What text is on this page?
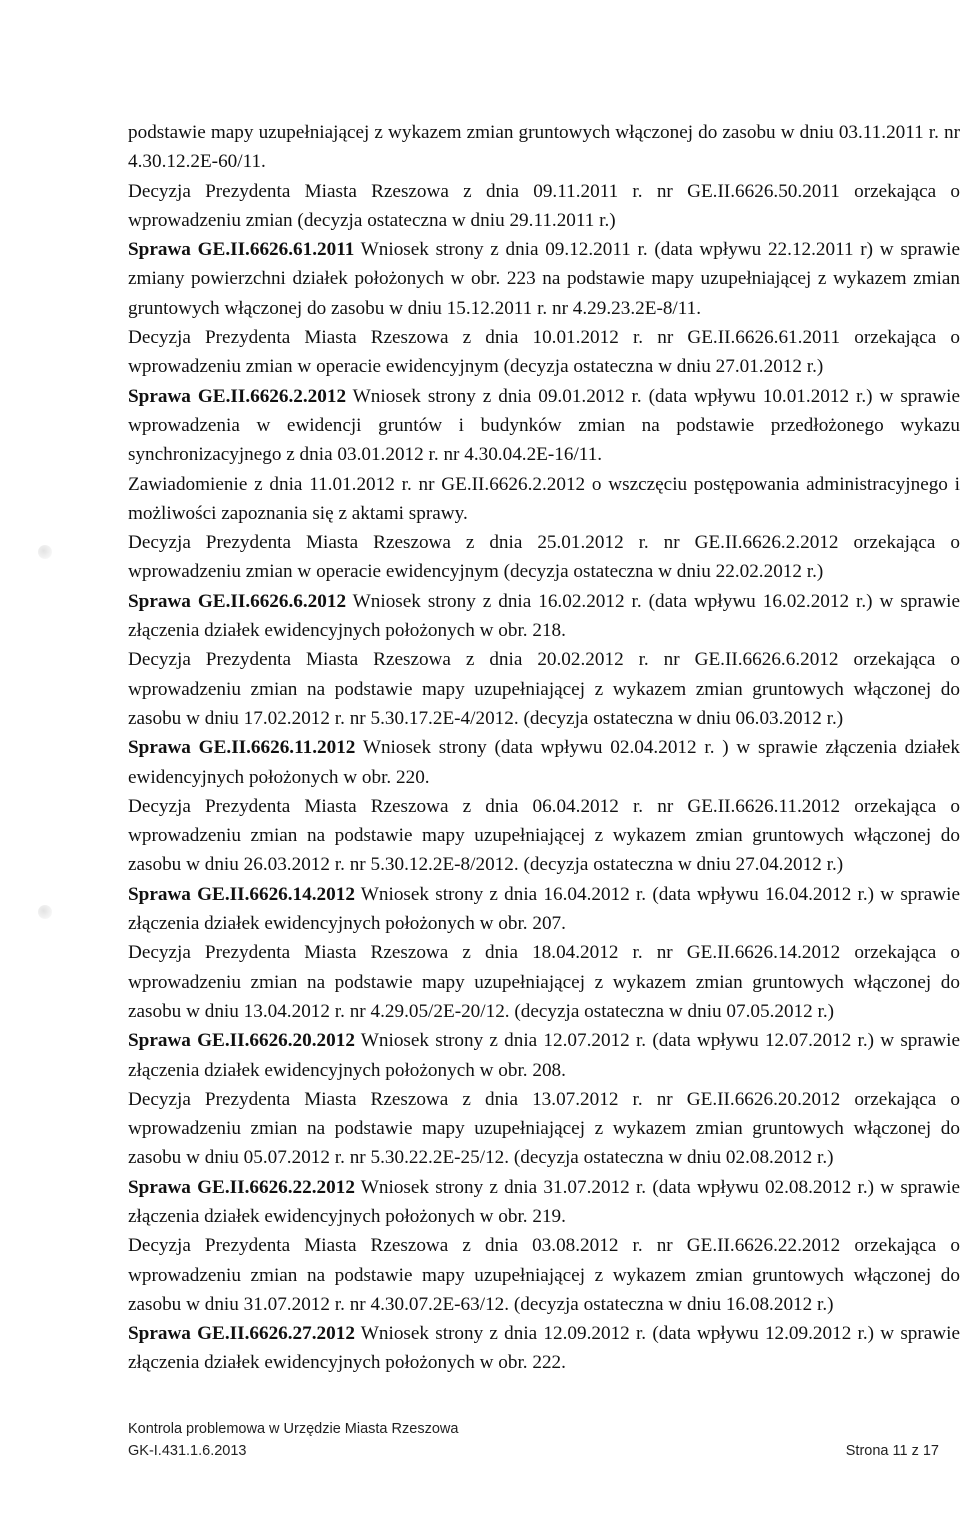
podstawie mapy uzupełniającej z wykazem zmian gruntowych włączonej do zasobu w dniu 03.11.2011 r. nr 4.30.12.2E-60/11.

Decyzja Prezydenta Miasta Rzeszowa z dnia 09.11.2011 r. nr GE.II.6626.50.2011 orzekająca o wprowadzeniu zmian (decyzja ostateczna w dniu 29.11.2011 r.)

Sprawa GE.II.6626.61.2011 Wniosek strony z dnia 09.12.2011 r. (data wpływu 22.12.2011 r) w sprawie zmiany powierzchni działek położonych w obr. 223 na podstawie mapy uzupełniającej z wykazem zmian gruntowych włączonej do zasobu w dniu 15.12.2011 r. nr 4.29.23.2E-8/11.

Decyzja Prezydenta Miasta Rzeszowa z dnia 10.01.2012 r. nr GE.II.6626.61.2011 orzekająca o wprowadzeniu zmian w operacie ewidencyjnym (decyzja ostateczna w dniu 27.01.2012 r.)

Sprawa GE.II.6626.2.2012 Wniosek strony z dnia 09.01.2012 r. (data wpływu 10.01.2012 r.) w sprawie wprowadzenia w ewidencji gruntów i budynków zmian na podstawie przedłożonego wykazu synchronizacyjnego z dnia 03.01.2012 r. nr 4.30.04.2E-16/11.

Zawiadomienie z dnia 11.01.2012 r. nr GE.II.6626.2.2012 o wszczęciu postępowania administracyjnego i możliwości zapoznania się z aktami sprawy.

Decyzja Prezydenta Miasta Rzeszowa z dnia 25.01.2012 r. nr GE.II.6626.2.2012 orzekająca o wprowadzeniu zmian w operacie ewidencyjnym (decyzja ostateczna w dniu 22.02.2012 r.)

Sprawa GE.II.6626.6.2012 Wniosek strony z dnia 16.02.2012 r. (data wpływu 16.02.2012 r.) w sprawie złączenia działek ewidencyjnych położonych w obr. 218.

Decyzja Prezydenta Miasta Rzeszowa z dnia 20.02.2012 r. nr GE.II.6626.6.2012 orzekająca o wprowadzeniu zmian na podstawie mapy uzupełniającej z wykazem zmian gruntowych włączonej do zasobu w dniu 17.02.2012 r. nr 5.30.17.2E-4/2012. (decyzja ostateczna w dniu 06.03.2012 r.)

Sprawa GE.II.6626.11.2012 Wniosek strony (data wpływu 02.04.2012 r. ) w sprawie złączenia działek ewidencyjnych położonych w obr. 220.

Decyzja Prezydenta Miasta Rzeszowa z dnia 06.04.2012 r. nr GE.II.6626.11.2012 orzekająca o wprowadzeniu zmian na podstawie mapy uzupełniającej z wykazem zmian gruntowych włączonej do zasobu w dniu 26.03.2012 r. nr 5.30.12.2E-8/2012. (decyzja ostateczna w dniu 27.04.2012 r.)

Sprawa GE.II.6626.14.2012 Wniosek strony z dnia 16.04.2012 r. (data wpływu 16.04.2012 r.) w sprawie złączenia działek ewidencyjnych położonych w obr. 207.

Decyzja Prezydenta Miasta Rzeszowa z dnia 18.04.2012 r. nr GE.II.6626.14.2012 orzekająca o wprowadzeniu zmian na podstawie mapy uzupełniającej z wykazem zmian gruntowych włączonej do zasobu w dniu 13.04.2012 r. nr 4.29.05/2E-20/12. (decyzja ostateczna w dniu 07.05.2012 r.)

Sprawa GE.II.6626.20.2012 Wniosek strony z dnia 12.07.2012 r. (data wpływu 12.07.2012 r.) w sprawie złączenia działek ewidencyjnych położonych w obr. 208.

Decyzja Prezydenta Miasta Rzeszowa z dnia 13.07.2012 r. nr GE.II.6626.20.2012 orzekająca o wprowadzeniu zmian na podstawie mapy uzupełniającej z wykazem zmian gruntowych włączonej do zasobu w dniu 05.07.2012 r. nr 5.30.22.2E-25/12. (decyzja ostateczna w dniu 02.08.2012 r.)

Sprawa GE.II.6626.22.2012 Wniosek strony z dnia 31.07.2012 r. (data wpływu 02.08.2012 r.) w sprawie złączenia działek ewidencyjnych położonych w obr. 219.

Decyzja Prezydenta Miasta Rzeszowa z dnia 03.08.2012 r. nr GE.II.6626.22.2012 orzekająca o wprowadzeniu zmian na podstawie mapy uzupełniającej z wykazem zmian gruntowych włączonej do zasobu w dniu 31.07.2012 r. nr 4.30.07.2E-63/12. (decyzja ostateczna w dniu 16.08.2012 r.)

Sprawa GE.II.6626.27.2012 Wniosek strony z dnia 12.09.2012 r. (data wpływu 12.09.2012 r.) w sprawie złączenia działek ewidencyjnych położonych w obr. 222.

Kontrola problemowa w Urzędzie Miasta Rzeszowa
GK-I.431.1.6.2013	Strona 11 z 17
